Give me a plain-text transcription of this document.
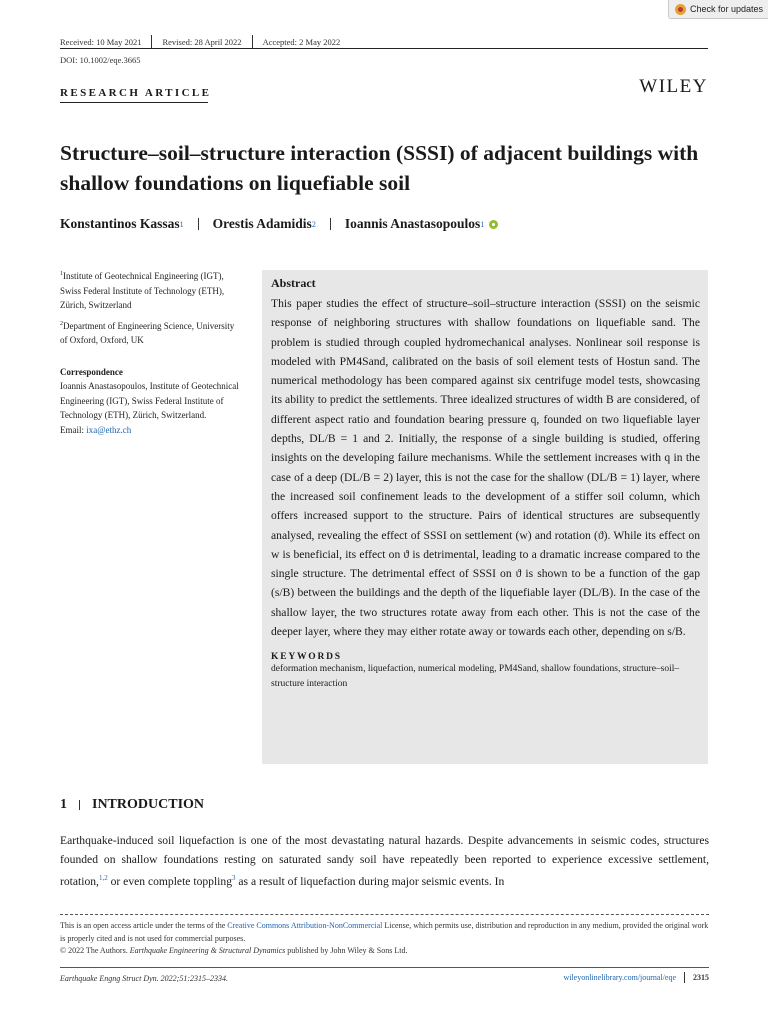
Check for updates
Received: 10 May 2021 Revised: 28 April 2022 Accepted: 2 May 2022
DOI: 10.1002/eqe.3665
WILEY
RESEARCH ARTICLE
Structure–soil–structure interaction (SSSI) of adjacent buildings with shallow foundations on liquefiable soil
Konstantinos Kassas 1 Orestis Adamidis 2 Ioannis Anastasopoulos 1

$^1$Institute of Geotechnical Engineering (IGT), Swiss Federal Institute of Technology (ETH), Zürich, Switzerland

$^2$Department of Engineering Science, University of Oxford, Oxford, UK

Correspondence

Ioannis Anastasopoulos, Institute of Geotechnical Engineering (IGT), Swiss Federal Institute of Technology (ETH), Zürich, Switzerland.

Email: ixa@ethz.ch

Abstract

This paper studies the effect of structure–soil–structure interaction (SSSI) on the seismic response of neighboring structures with shallow foundations on liquefiable sand. The problem is studied through coupled hydromechanical analyses. Nonlinear soil response is modeled with PM4Sand, calibrated on the basis of soil element tests of Hostun sand. The numerical methodology has been compared against six centrifuge model tests, showcasing its ability to predict the settlements. Three idealized structures of width B are considered, of different aspect ratio and foundation bearing pressure q, founded on two liquefiable layer depths, DL/B = 1 and 2. Initially, the response of a single building is studied, offering insights on the developing failure mechanisms. While the settlement increases with q in the case of a deep (DL/B = 2) layer, this is not the case for the shallow (DL/B = 1) layer, where the increased soil confinement leads to the development of a stiffer soil column, which offers increased support to the structure. Pairs of identical structures are subsequently analysed, revealing the effect of SSSI on settlement (w) and rotation (ϑ). While its effect on w is beneficial, its effect on ϑ is detrimental, leading to a dramatic increase compared to the single structure. The detrimental effect of SSSI on ϑ is shown to be a function of the gap (s/B) between the buildings and the depth of the liquefiable layer (DL/B). In the case of the shallow layer, the two structures rotate away from each other. This is not the case of the deeper layer, where they may either rotate away or towards each other, depending on s/B.

KEYWORDS
deformation mechanism, liquefaction, numerical modeling, PM4Sand, shallow foundations, structure–soil–structure interaction
1 INTRODUCTION

Earthquake-induced soil liquefaction is one of the most devastating natural hazards. Despite advancements in seismic codes, structures founded on shallow foundations resting on saturated sandy soil have repeatedly been reported to experience excessive settlement, rotation,$^{1,2}$ or even complete toppling$^3$ as a result of liquefaction during major seismic events. In

This is an open access article under the terms of the Creative Commons Attribution-NonCommercial License, which permits use, distribution and reproduction in any medium, provided the original work is properly cited and is not used for commercial purposes.
© 2022 The Authors. Earthquake Engineering & Structural Dynamics published by John Wiley & Sons Ltd.

Earthquake Engng Struct Dyn. 2022;51:2315–2334.	wileyonlinelibrary.com/journal/eqe 2315
